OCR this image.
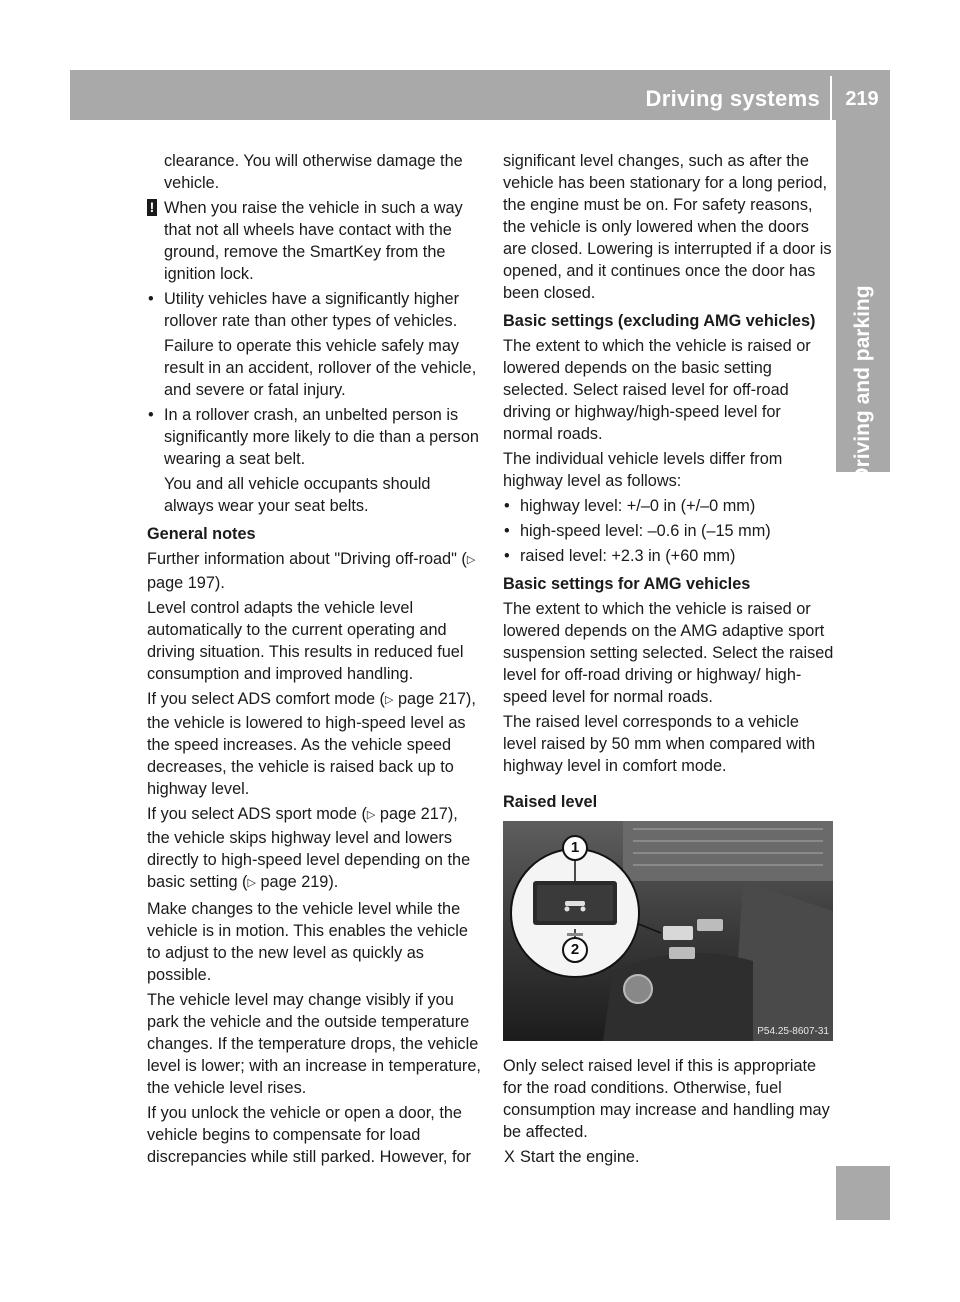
Driving systems	219
Driving and parking

clearance. You will otherwise damage the vehicle.

! When you raise the vehicle in such a way that not all wheels have contact with the ground, remove the SmartKey from the ignition lock.

• Utility vehicles have a significantly higher rollover rate than other types of vehicles.

Failure to operate this vehicle safely may result in an accident, rollover of the vehicle, and severe or fatal injury.

• In a rollover crash, an unbelted person is significantly more likely to die than a person wearing a seat belt.

You and all vehicle occupants should always wear your seat belts.

General notes

Further information about "Driving off-road" (▷ page 197).

Level control adapts the vehicle level automatically to the current operating and driving situation. This results in reduced fuel consumption and improved handling.

If you select ADS comfort mode (▷ page 217), the vehicle is lowered to high-speed level as the speed increases. As the vehicle speed decreases, the vehicle is raised back up to highway level.

If you select ADS sport mode (▷ page 217), the vehicle skips highway level and lowers directly to high-speed level depending on the basic setting (▷ page 219).

Make changes to the vehicle level while the vehicle is in motion. This enables the vehicle to adjust to the new level as quickly as possible.

The vehicle level may change visibly if you park the vehicle and the outside temperature changes. If the temperature drops, the vehicle level is lower; with an increase in temperature, the vehicle level rises.

If you unlock the vehicle or open a door, the vehicle begins to compensate for load discrepancies while still parked. However, for

significant level changes, such as after the vehicle has been stationary for a long period, the engine must be on. For safety reasons, the vehicle is only lowered when the doors are closed. Lowering is interrupted if a door is opened, and it continues once the door has been closed.

Basic settings (excluding AMG vehicles)

The extent to which the vehicle is raised or lowered depends on the basic setting selected. Select raised level for off-road driving or highway/high-speed level for normal roads.

The individual vehicle levels differ from highway level as follows:

• highway level: +/–0 in (+/–0 mm)

• high-speed level: –0.6 in (–15 mm)

• raised level: +2.3 in (+60 mm)

Basic settings for AMG vehicles

The extent to which the vehicle is raised or lowered depends on the AMG adaptive sport suspension setting selected. Select the raised level for off-road driving or highway/ high-speed level for normal roads.

The raised level corresponds to a vehicle level raised by 50 mm when compared with highway level in comfort mode.

Raised level

1
2
P54.25-8607-31

Only select raised level if this is appropriate for the road conditions. Otherwise, fuel consumption may increase and handling may be affected.

X Start the engine.
